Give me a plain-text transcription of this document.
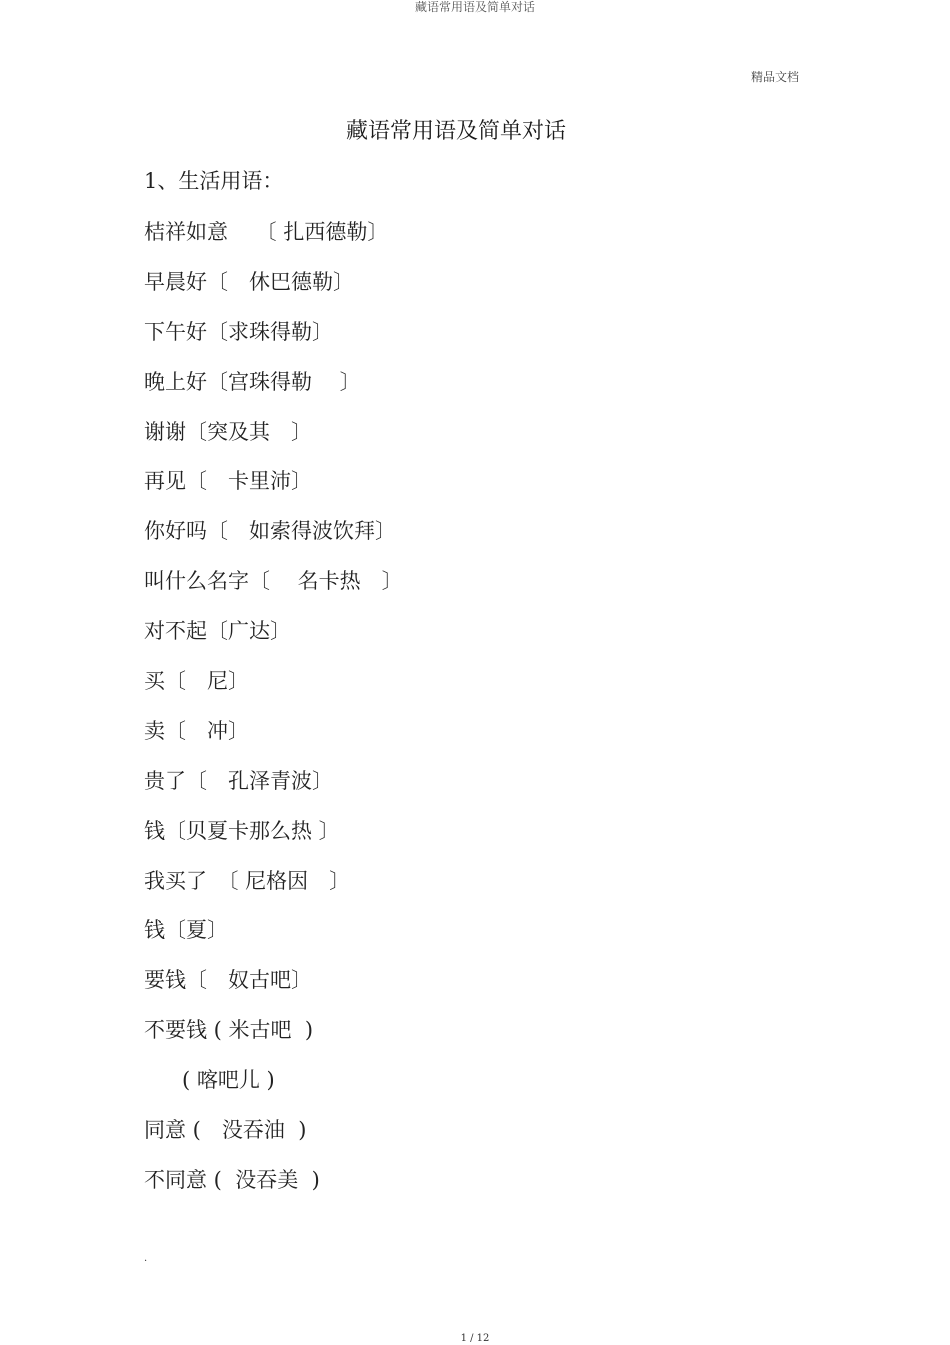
藏语常用语及简单对话
精品文档
藏语常用语及简单对话
1、生活用语：
桔祥如意　 〔 扎西德勒〕
早晨好〔　休巴德勒〕
下午好〔求珠得勒〕
晚上好〔宫珠得勒　 〕
谢谢〔突及其　〕
再见〔　卡里沛〕
你好吗〔　如索得波饮拜〕
叫什么名字〔　 名卡热　〕
对不起〔广达〕
买〔　尼〕
卖〔　冲〕
贵了〔　孔泽青波〕
钱〔贝夏卡那么热 〕
我买了　〔 尼格因　〕
钱〔夏〕
要钱〔　奴古吧〕
不要钱 ( 米古吧  )
( 喀吧儿 )
同意 (　没吞油  )
不同意 (  没吞美  )
.
1 / 12
